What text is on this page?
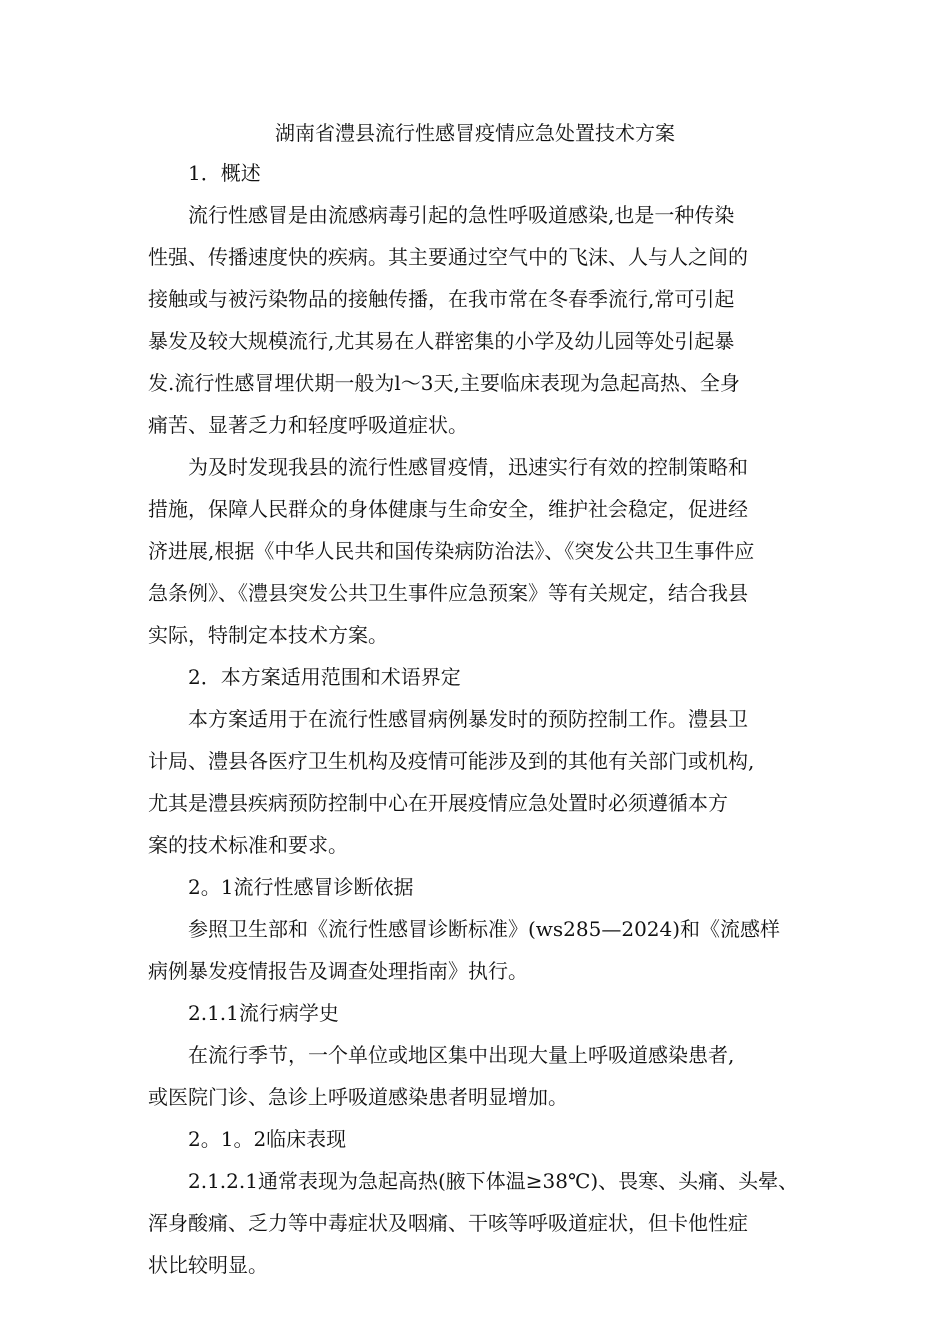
湖南省澧县流行性感冒疫情应急处置技术方案
1．概述
流行性感冒是由流感病毒引起的急性呼吸道感染,也是一种传染
性强、传播速度快的疾病。其主要通过空气中的飞沫、人与人之间的
接触或与被污染物品的接触传播，在我市常在冬春季流行,常可引起
暴发及较大规模流行,尤其易在人群密集的小学及幼儿园等处引起暴
发.流行性感冒埋伏期一般为l～3天,主要临床表现为急起高热、全身
痛苦、显著乏力和轻度呼吸道症状。
为及时发现我县的流行性感冒疫情，迅速实行有效的控制策略和
措施，保障人民群众的身体健康与生命安全，维护社会稳定，促进经
济进展,根据《中华人民共和国传染病防治法》、《突发公共卫生事件应
急条例》、《澧县突发公共卫生事件应急预案》等有关规定，结合我县
实际，特制定本技术方案。
2．本方案适用范围和术语界定
本方案适用于在流行性感冒病例暴发时的预防控制工作。澧县卫
计局、澧县各医疗卫生机构及疫情可能涉及到的其他有关部门或机构,
尤其是澧县疾病预防控制中心在开展疫情应急处置时必须遵循本方
案的技术标准和要求。
2。1流行性感冒诊断依据
参照卫生部和《流行性感冒诊断标准》(ws285—2024)和《流感样
病例暴发疫情报告及调查处理指南》执行。
2.1.1流行病学史
在流行季节，一个单位或地区集中出现大量上呼吸道感染患者,
或医院门诊、急诊上呼吸道感染患者明显增加。
2。1。2临床表现
2.1.2.1通常表现为急起高热(腋下体温≥38℃)、畏寒、头痛、头晕、
浑身酸痛、乏力等中毒症状及咽痛、干咳等呼吸道症状，但卡他性症
状比较明显。
